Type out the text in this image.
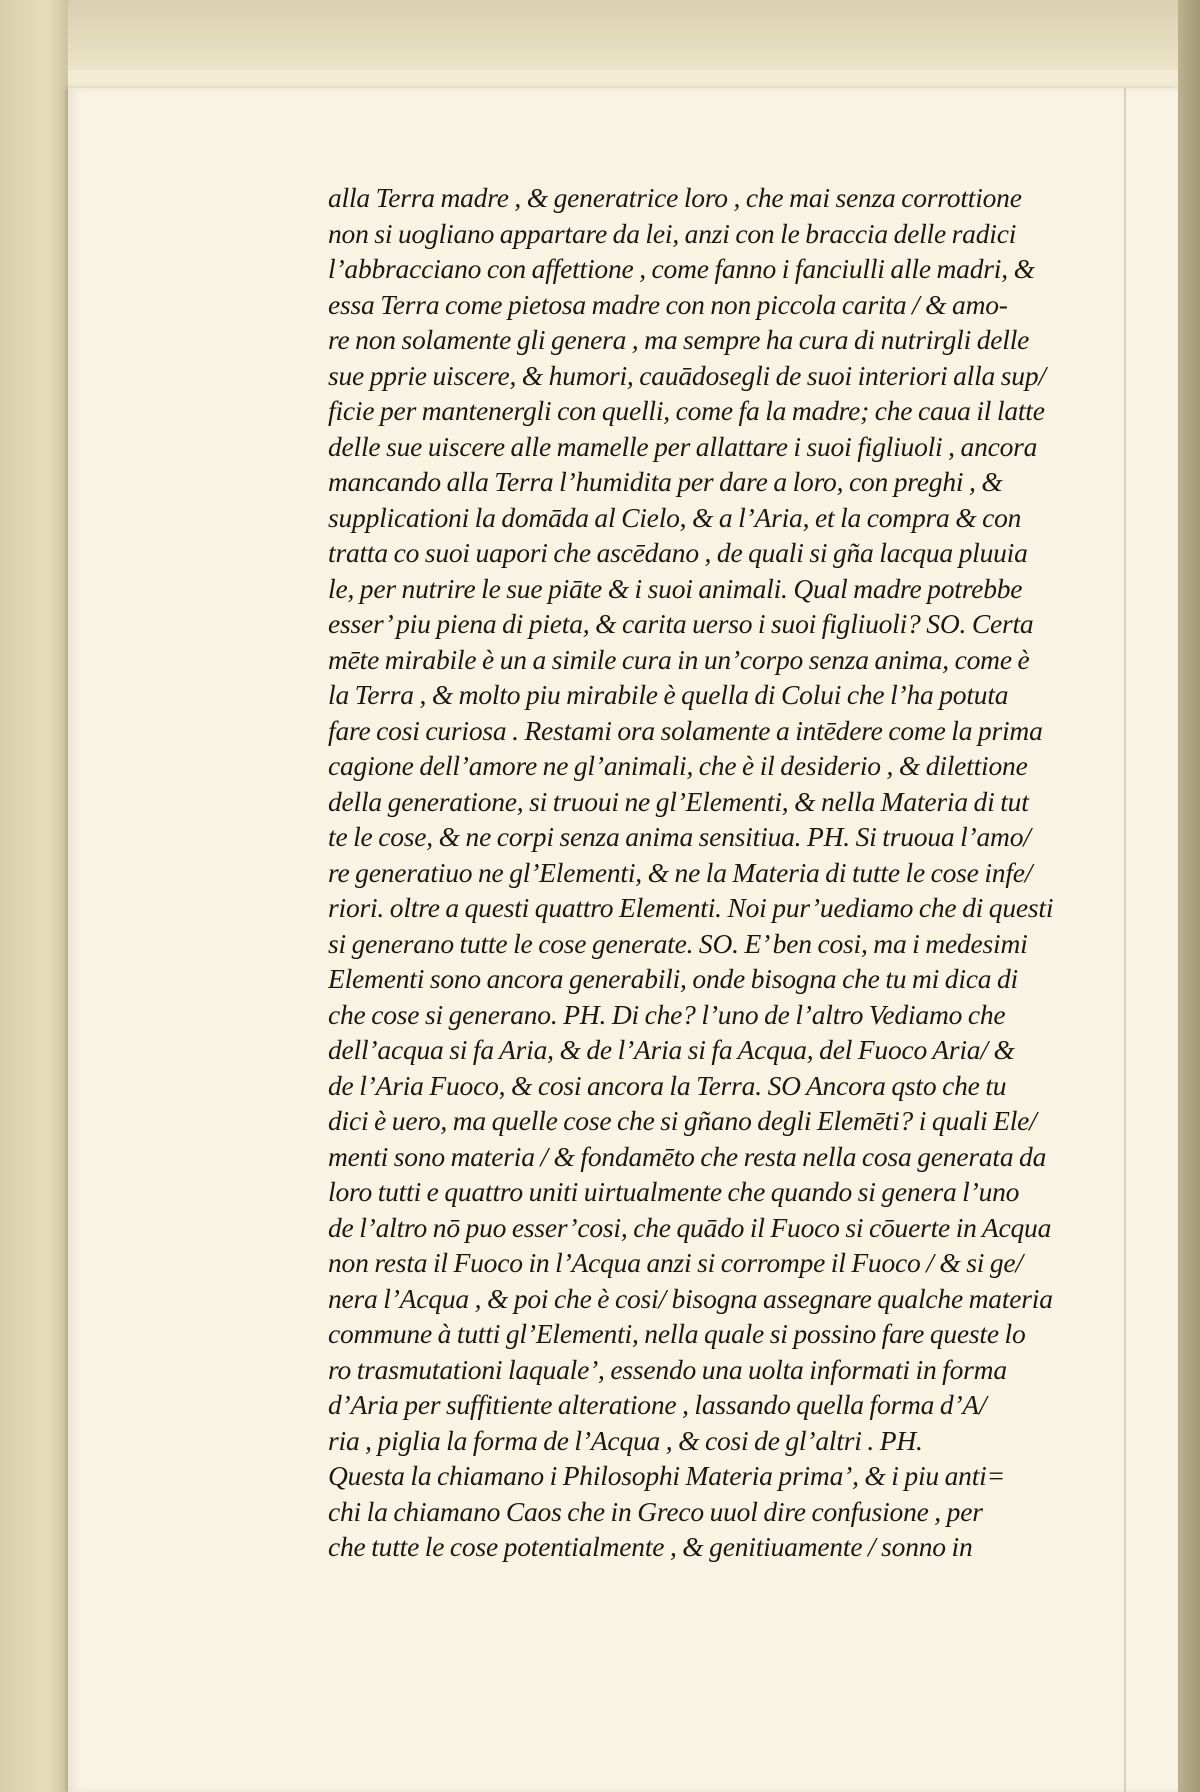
alla Terra madre , & generatrice loro , che mai senza corrottione
non si uogliano appartare da lei, anzi con le braccia delle radici
l’abbracciano con affettione , come fanno i fanciulli alle madri, &
essa Terra come pietosa madre con non piccola carita / & amo-
re non solamente gli genera , ma sempre ha cura di nutrirgli delle
sue pprie uiscere, & humori, cauādosegli de suoi interiori alla sup/
ficie per mantenergli con quelli, come fa la madre; che caua il latte
delle sue uiscere alle mamelle per allattare i suoi figliuoli , ancora
mancando alla Terra l’humidita per dare a loro, con preghi , &
supplicationi la domāda al Cielo, & a l’Aria, et la compra & con
tratta co suoi uapori che ascēdano , de quali si gña lacqua pluuia
le, per nutrire le sue piāte & i suoi animali. Qual madre potrebbe
esser’ piu piena di pieta, & carita uerso i suoi figliuoli? SO. Certa
mēte mirabile è un a simile cura in un’corpo senza anima, come è
la Terra , & molto piu mirabile è quella di Colui che l’ha potuta
fare cosi curiosa . Restami ora solamente a intēdere come la prima
cagione dell’amore ne gl’animali, che è il desiderio , & dilettione
della generatione, si truoui ne gl’Elementi, & nella Materia di tut
te le cose, & ne corpi senza anima sensitiua. PH. Si truoua l’amo/
re generatiuo ne gl’Elementi, & ne la Materia di tutte le cose infe/
riori. oltre a questi quattro Elementi. Noi pur’uediamo che di questi
si generano tutte le cose generate. SO. E’ ben cosi, ma i medesimi
Elementi sono ancora generabili, onde bisogna che tu mi dica di
che cose si generano. PH. Di che? l’uno de l’altro Vediamo che
dell’acqua si fa Aria, & de l’Aria si fa Acqua, del Fuoco Aria/ &
de l’Aria Fuoco, & cosi ancora la Terra. SO Ancora qsto che tu
dici è uero, ma quelle cose che si gñano degli Elemēti? i quali Ele/
menti sono materia / & fondamēto che resta nella cosa generata da
loro tutti e quattro uniti uirtualmente che quando si genera l’uno
de l’altro nō puo esser’cosi, che quādo il Fuoco si cōuerte in Acqua
non resta il Fuoco in l’Acqua anzi si corrompe il Fuoco / & si ge/
nera l’Acqua , & poi che è cosi/ bisogna assegnare qualche materia
commune à tutti gl’Elementi, nella quale si possino fare queste lo
ro trasmutationi laquale’, essendo una uolta informati in forma
d’Aria per suffitiente alteratione , lassando quella forma d’A/
ria , piglia la forma de l’Acqua , & cosi de gl’altri . PH.
Questa la chiamano i Philosophi Materia prima’, & i piu anti=
chi la chiamano Caos che in Greco uuol dire confusione , per
che tutte le cose potentialmente , & genitiuamente / sonno in
